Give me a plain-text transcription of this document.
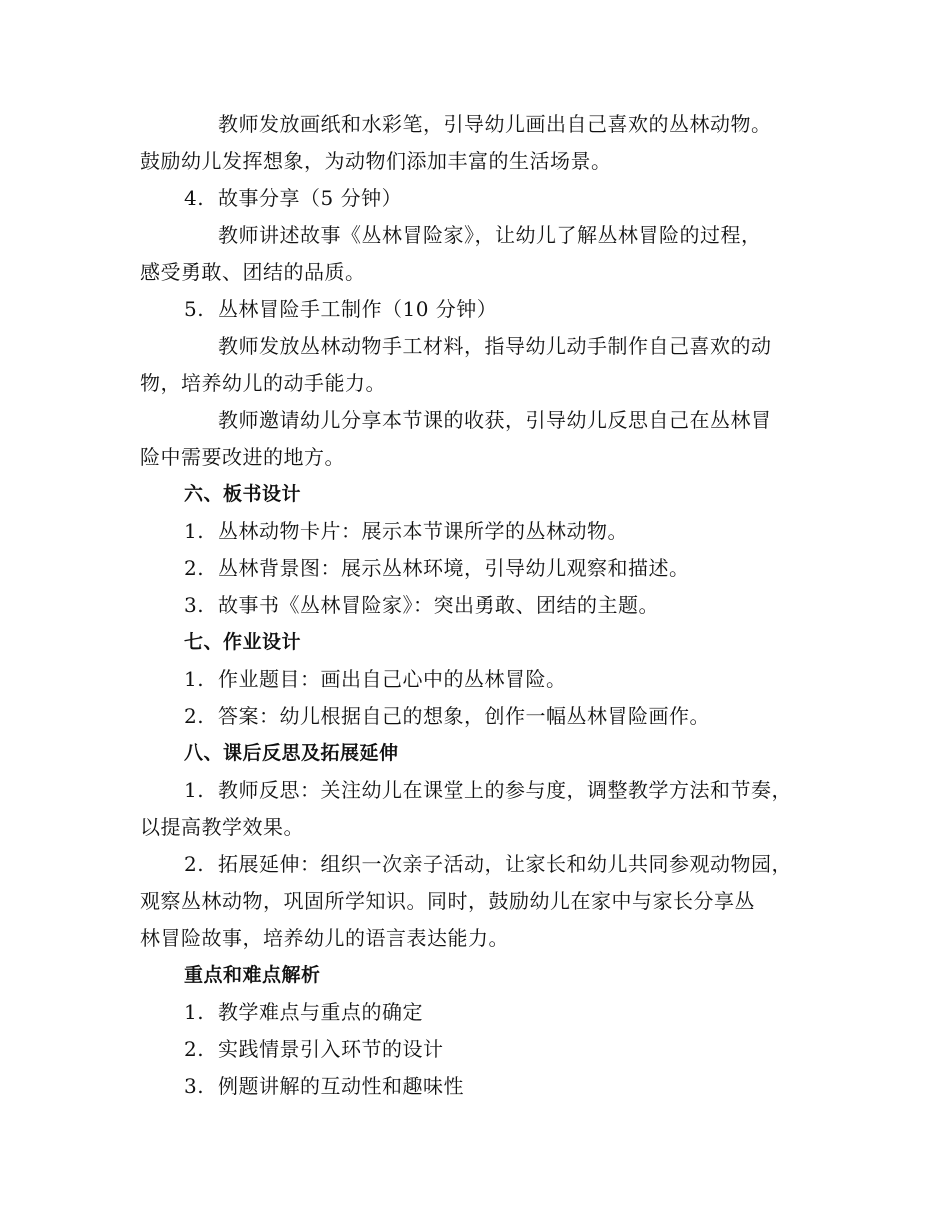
教师发放画纸和水彩笔，引导幼儿画出自己喜欢的丛林动物。
鼓励幼儿发挥想象，为动物们添加丰富的生活场景。
4. 故事分享（5 分钟）
教师讲述故事《丛林冒险家》，让幼儿了解丛林冒险的过程，
感受勇敢、团结的品质。
5. 丛林冒险手工制作（10 分钟）
教师发放丛林动物手工材料，指导幼儿动手制作自己喜欢的动
物，培养幼儿的动手能力。
教师邀请幼儿分享本节课的收获，引导幼儿反思自己在丛林冒
险中需要改进的地方。
六、板书设计
1. 丛林动物卡片：展示本节课所学的丛林动物。
2. 丛林背景图：展示丛林环境，引导幼儿观察和描述。
3. 故事书《丛林冒险家》：突出勇敢、团结的主题。
七、作业设计
1. 作业题目：画出自己心中的丛林冒险。
2. 答案：幼儿根据自己的想象，创作一幅丛林冒险画作。
八、课后反思及拓展延伸
1. 教师反思：关注幼儿在课堂上的参与度，调整教学方法和节奏，
以提高教学效果。
2. 拓展延伸：组织一次亲子活动，让家长和幼儿共同参观动物园，
观察丛林动物，巩固所学知识。同时，鼓励幼儿在家中与家长分享丛
林冒险故事，培养幼儿的语言表达能力。
重点和难点解析
1. 教学难点与重点的确定
2. 实践情景引入环节的设计
3. 例题讲解的互动性和趣味性
